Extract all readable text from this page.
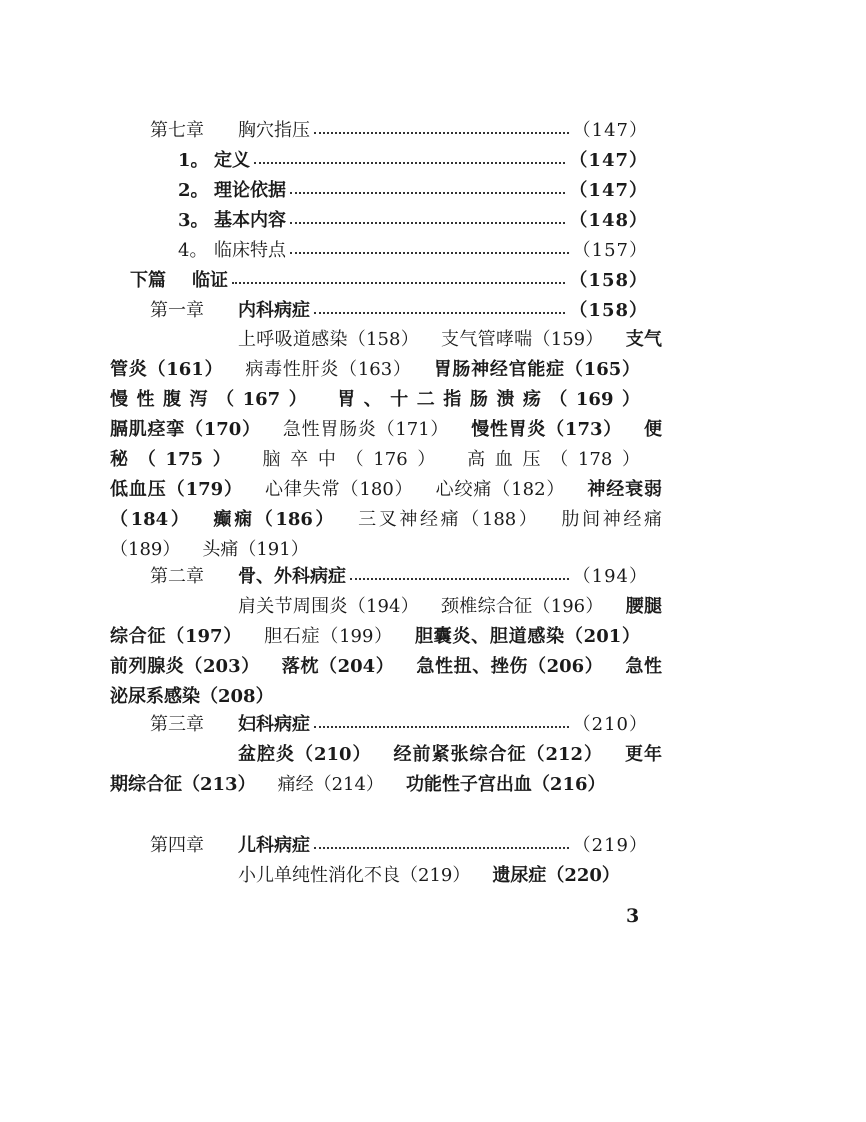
第七章	胸穴指压	（147）
1。 定义	（147）
2。 理论依据	（147）
3。 基本内容	（148）
4。 临床特点	（157）
下篇	临证	（158）
第一章	内科病症	（158）
上呼吸道感染（158） 支气管哮喘（159） 支气管炎（161） 病毒性肝炎（163） 胃肠神经官能症（165）慢性腹泻（167） 胃、十二指肠溃疡（169）膈肌痉挛（170） 急性胃肠炎（171） 慢性胃炎（173） 便秘（175） 脑卒中（176） 高血压（178）低血压（179） 心律失常（180） 心绞痛（182） 神经衰弱（184） 癫痫（186） 三叉神经痛（188） 肋间神经痛（189） 头痛（191）
第二章	骨、外科病症	（194）
肩关节周围炎（194） 颈椎综合征（196） 腰腿综合征（197） 胆石症（199） 胆囊炎、胆道感染（201）前列腺炎（203） 落枕（204） 急性扭、挫伤（206） 急性泌尿系感染（208）
第三章	妇科病症	（210）
盆腔炎（210） 经前紧张综合征（212） 更年期综合征（213） 痛经（214） 功能性子宫出血（216）
第四章	儿科病症	（219）
小儿单纯性消化不良（219） 遗尿症（220）
3
